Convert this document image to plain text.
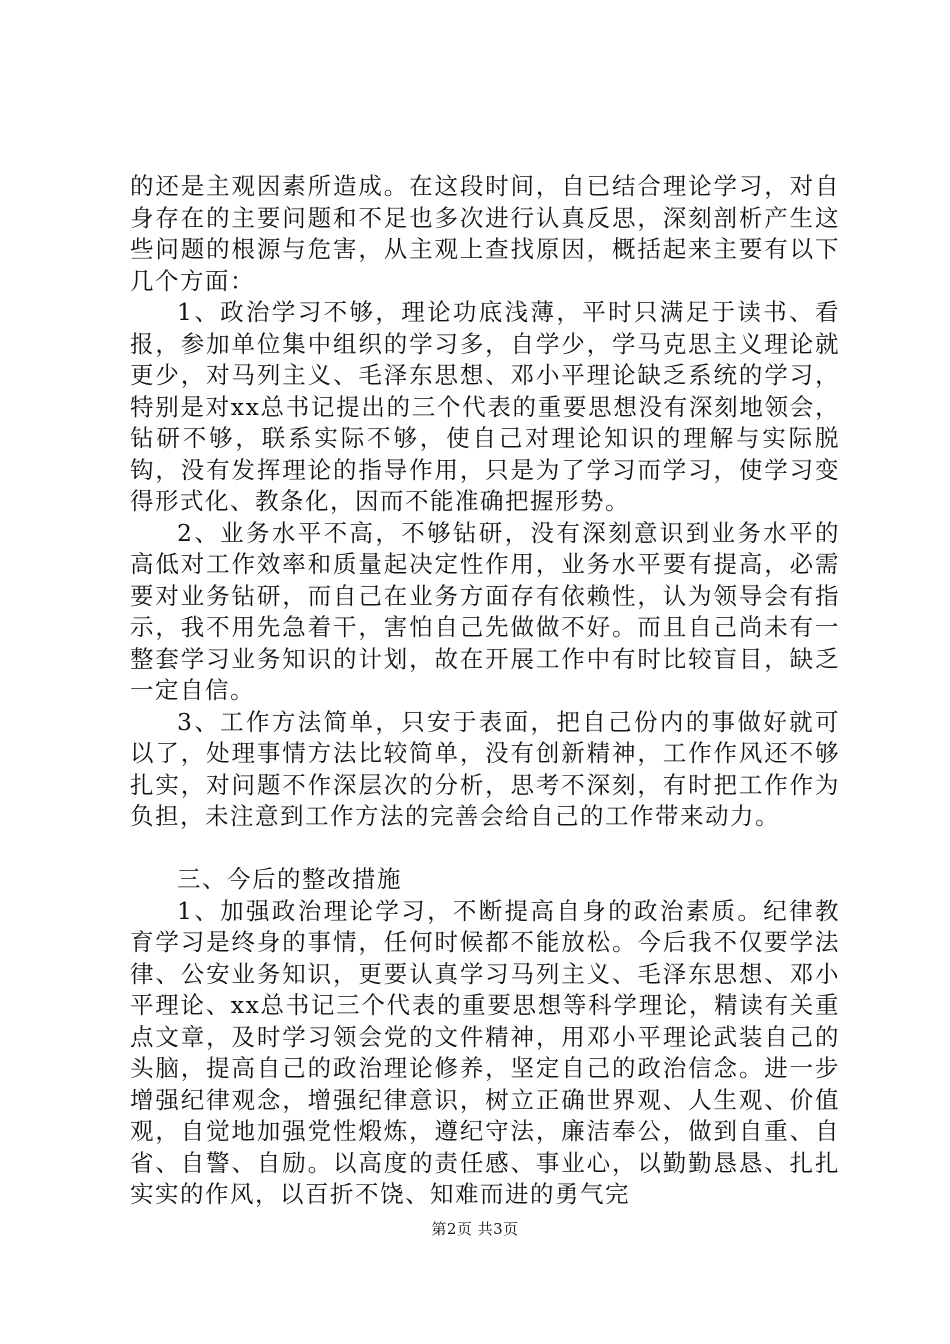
的还是主观因素所造成。在这段时间，自已结合理论学习，对自身存在的主要问题和不足也多次进行认真反思，深刻剖析产生这些问题的根源与危害，从主观上查找原因，概括起来主要有以下几个方面：

1、政治学习不够，理论功底浅薄，平时只满足于读书、看报，参加单位集中组织的学习多，自学少，学马克思主义理论就更少，对马列主义、毛泽东思想、邓小平理论缺乏系统的学习，特别是对xx总书记提出的三个代表的重要思想没有深刻地领会，钻研不够，联系实际不够，使自己对理论知识的理解与实际脱钩，没有发挥理论的指导作用，只是为了学习而学习，使学习变得形式化、教条化，因而不能准确把握形势。

2、业务水平不高，不够钻研，没有深刻意识到业务水平的高低对工作效率和质量起决定性作用，业务水平要有提高，必需要对业务钻研，而自己在业务方面存有依赖性，认为领导会有指示，我不用先急着干，害怕自己先做做不好。而且自己尚未有一整套学习业务知识的计划，故在开展工作中有时比较盲目，缺乏一定自信。

3、工作方法简单，只安于表面，把自己份内的事做好就可以了，处理事情方法比较简单，没有创新精神，工作作风还不够扎实，对问题不作深层次的分析，思考不深刻，有时把工作作为负担，未注意到工作方法的完善会给自己的工作带来动力。

三、今后的整改措施

1、加强政治理论学习，不断提高自身的政治素质。纪律教育学习是终身的事情，任何时候都不能放松。今后我不仅要学法律、公安业务知识，更要认真学习马列主义、毛泽东思想、邓小平理论、xx总书记三个代表的重要思想等科学理论，精读有关重点文章，及时学习领会党的文件精神，用邓小平理论武装自己的头脑，提高自己的政治理论修养，坚定自己的政治信念。进一步增强纪律观念，增强纪律意识，树立正确世界观、人生观、价值观，自觉地加强党性煅炼，遵纪守法，廉洁奉公，做到自重、自省、自警、自励。以高度的责任感、事业心，以勤勤恳恳、扎扎实实的作风，以百折不饶、知难而进的勇气完

第2页 共3页
